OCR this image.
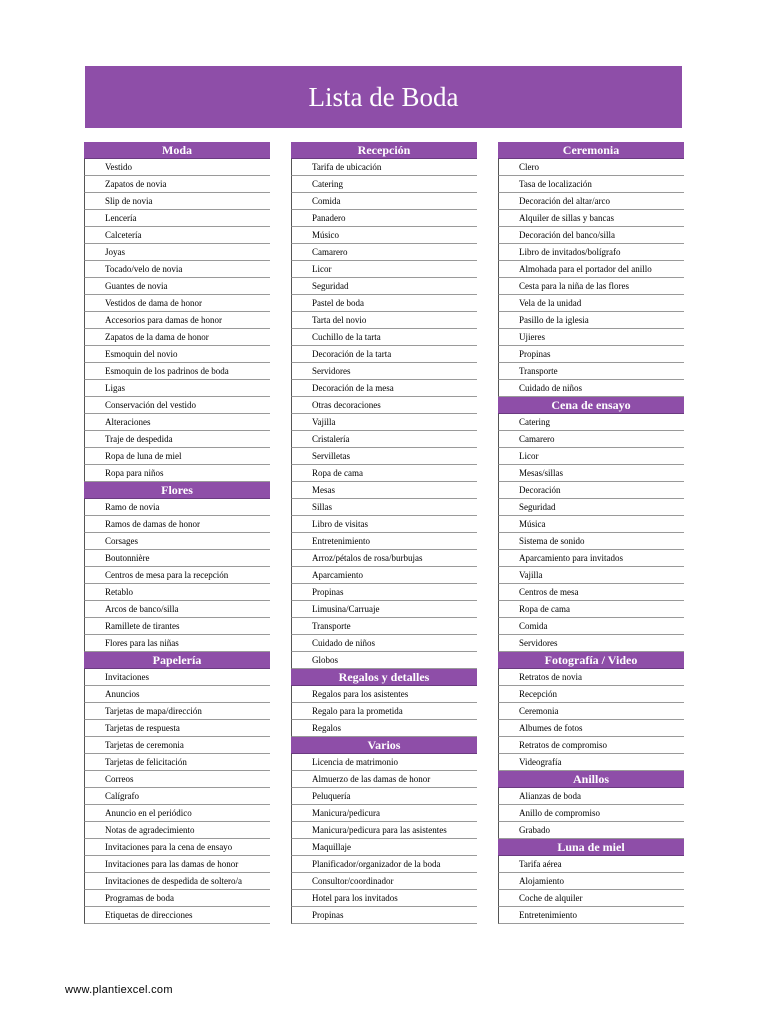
Lista de Boda
Moda
Vestido
Zapatos de novia
Slip de novia
Lencería
Calcetería
Joyas
Tocado/velo de novia
Guantes de novia
Vestidos de dama de honor
Accesorios para damas de honor
Zapatos de la dama de honor
Esmoquin del novio
Esmoquin de los padrinos de boda
Ligas
Conservación del vestido
Alteraciones
Traje de despedida
Ropa de luna de miel
Ropa para niños
Flores
Ramo de novia
Ramos de damas de honor
Corsages
Boutonnière
Centros de mesa para la recepción
Retablo
Arcos de banco/silla
Ramillete de tirantes
Flores para las niñas
Papelería
Invitaciones
Anuncios
Tarjetas de mapa/dirección
Tarjetas de respuesta
Tarjetas de ceremonia
Tarjetas de felicitación
Correos
Calígrafo
Anuncio en el periódico
Notas de agradecimiento
Invitaciones para la cena de ensayo
Invitaciones para las damas de honor
Invitaciones de despedida de soltero/a
Programas de boda
Etiquetas de direcciones
Recepción
Tarifa de ubicación
Catering
Comida
Panadero
Músico
Camarero
Licor
Seguridad
Pastel de boda
Tarta del novio
Cuchillo de la tarta
Decoración de la tarta
Servidores
Decoración de la mesa
Otras decoraciones
Vajilla
Cristalería
Servilletas
Ropa de cama
Mesas
Sillas
Libro de visitas
Entretenimiento
Arroz/pétalos de rosa/burbujas
Aparcamiento
Propinas
Limusina/Carruaje
Transporte
Cuidado de niños
Globos
Regalos y detalles
Regalos para los asistentes
Regalo para la prometida
Regalos
Varios
Licencia de matrimonio
Almuerzo de las damas de honor
Peluquería
Manicura/pedicura
Manicura/pedicura para las asistentes
Maquillaje
Planificador/organizador de la boda
Consultor/coordinador
Hotel para los invitados
Propinas
Ceremonia
Clero
Tasa de localización
Decoración del altar/arco
Alquiler de sillas y bancas
Decoración del banco/silla
Libro de invitados/bolígrafo
Almohada para el portador del anillo
Cesta para la niña de las flores
Vela de la unidad
Pasillo de la iglesia
Ujieres
Propinas
Transporte
Cuidado de niños
Cena de ensayo
Catering
Camarero
Licor
Mesas/sillas
Decoración
Seguridad
Música
Sistema de sonido
Aparcamiento para invitados
Vajilla
Centros de mesa
Ropa de cama
Comida
Servidores
Fotografía / Video
Retratos de novia
Recepción
Ceremonia
Albumes de fotos
Retratos de compromiso
Videografía
Anillos
Alianzas de boda
Anillo de compromiso
Grabado
Luna de miel
Tarifa aérea
Alojamiento
Coche de alquiler
Entretenimiento
www.plantiexcel.com
